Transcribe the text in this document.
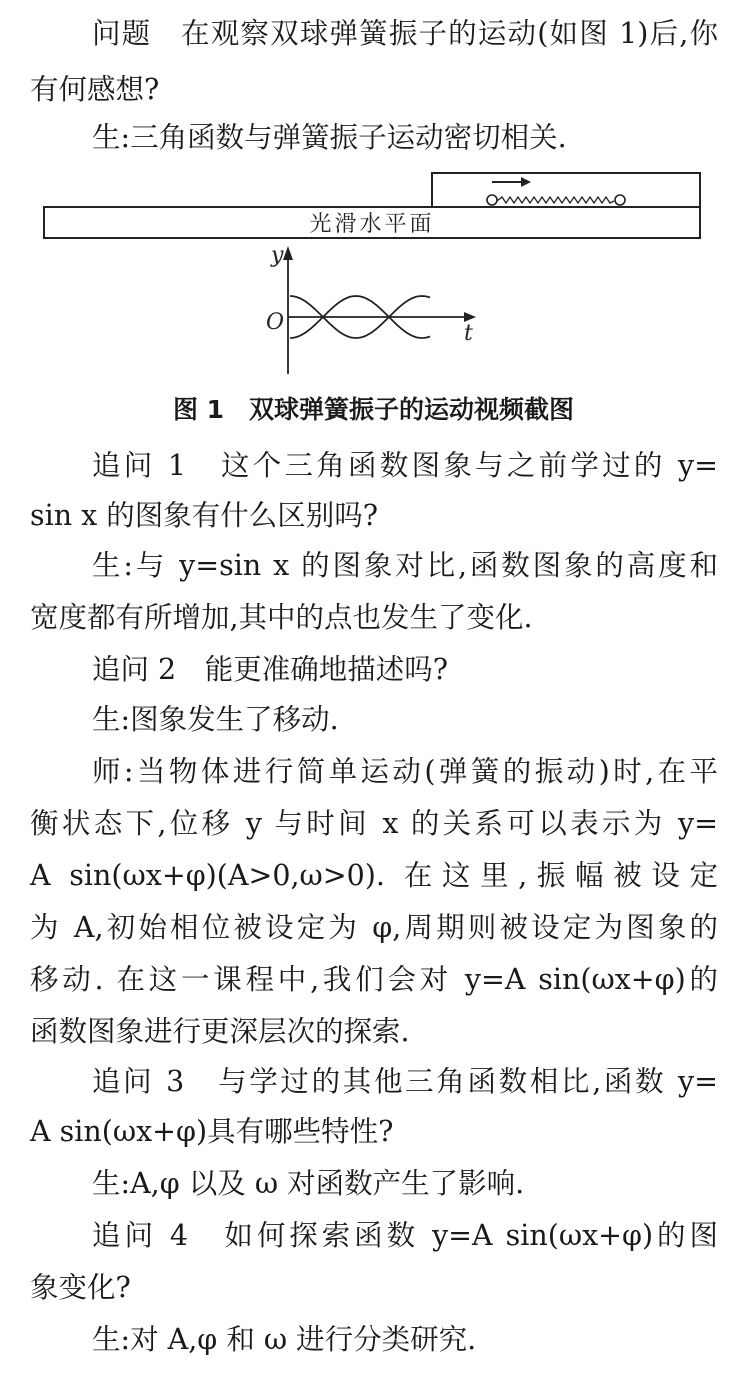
问题　在观察双球弹簧振子的运动(如图 1)后,你
有何感想?
生:三角函数与弹簧振子运动密切相关.
光滑水平面
y
t
O
图 1　双球弹簧振子的运动视频截图
追问 1　这个三角函数图象与之前学过的 y=
sin x 的图象有什么区别吗?
生:与 y=sin x 的图象对比,函数图象的高度和
宽度都有所增加,其中的点也发生了变化.
追问 2　能更准确地描述吗?
生:图象发生了移动.
师:当物体进行简单运动(弹簧的振动)时,在平
衡状态下,位移 y 与时间 x 的关系可以表示为 y=
A sin(ωx+φ)(A>0,ω>0). 在这里,振幅被设定
为 A,初始相位被设定为 φ,周期则被设定为图象的
移动. 在这一课程中,我们会对 y=A sin(ωx+φ)的
函数图象进行更深层次的探索.
追问 3　与学过的其他三角函数相比,函数 y=
A sin(ωx+φ)具有哪些特性?
生:A,φ 以及 ω 对函数产生了影响.
追问 4　如何探索函数 y=A sin(ωx+φ)的图
象变化?
生:对 A,φ 和 ω 进行分类研究.
